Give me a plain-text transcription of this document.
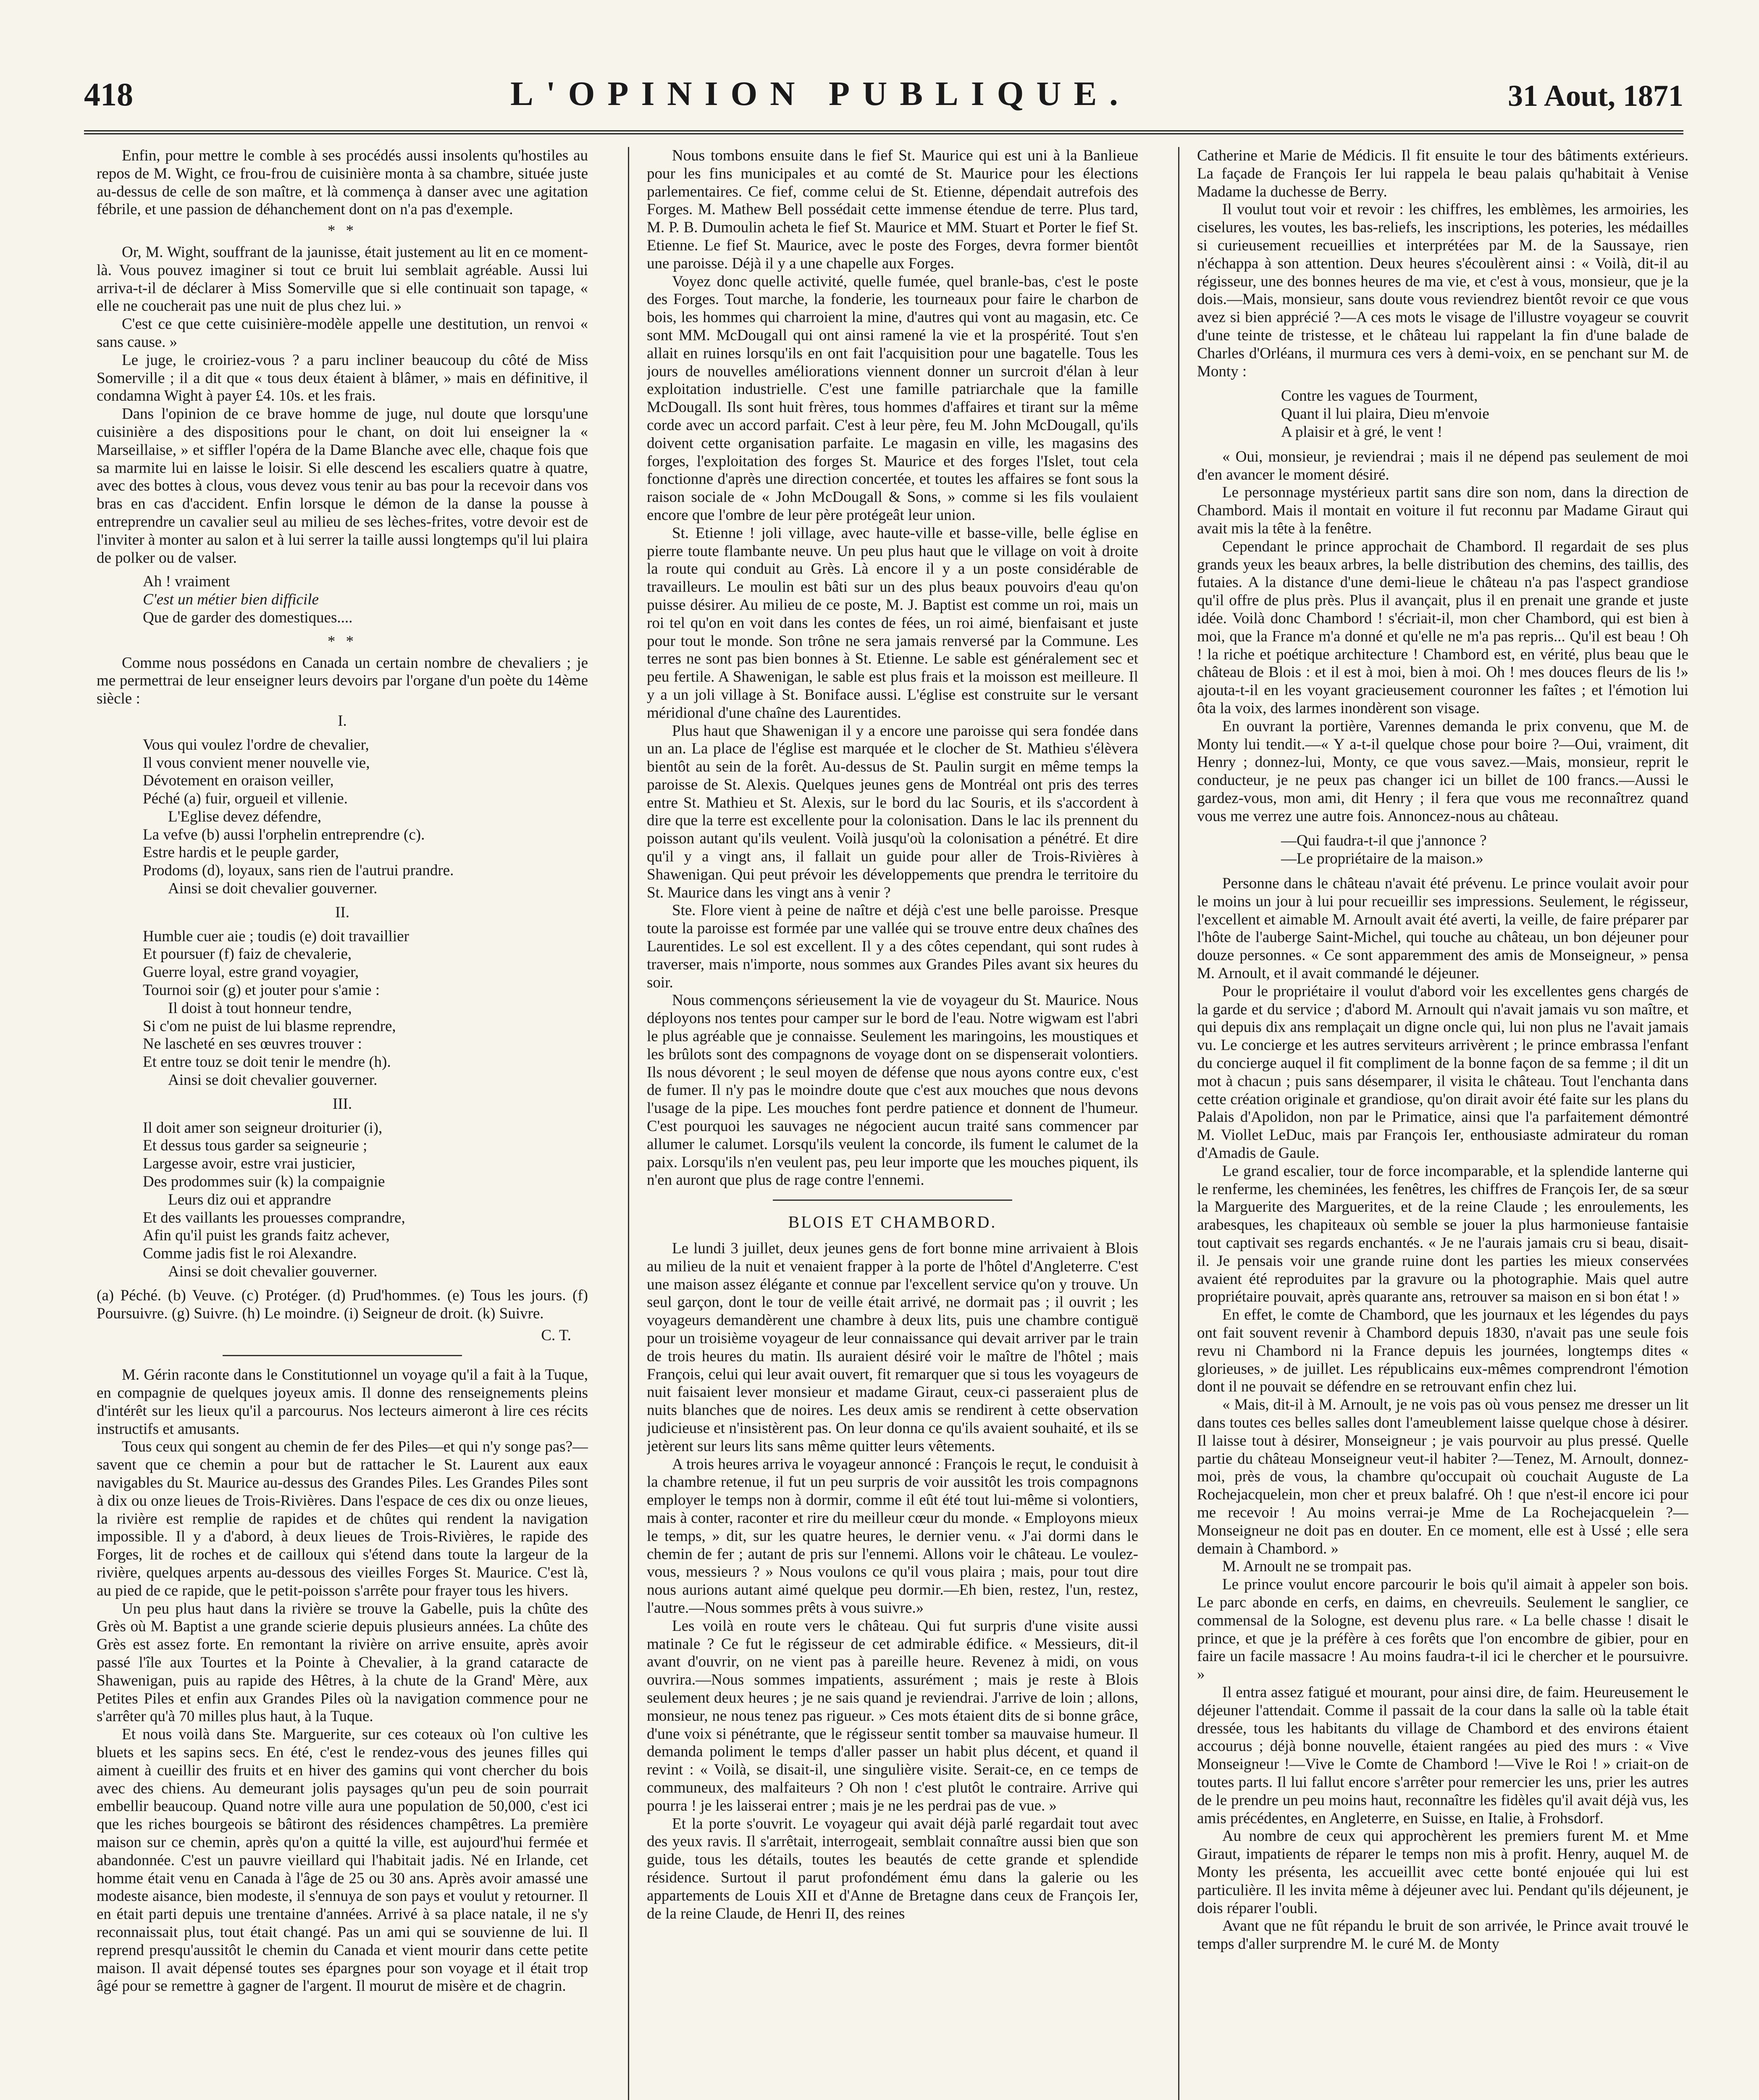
418	L'OPINION PUBLIQUE.	31 Aout, 1871

Enfin, pour mettre le comble à ses procédés aussi insolents qu'hostiles au repos de M. Wight, ce frou-frou de cuisinière monta à sa chambre, située juste au-dessus de celle de son maître, et là commença à danser avec une agitation fébrile, et une passion de déhanchement dont on n'a pas d'exemple.

* *

Or, M. Wight, souffrant de la jaunisse, était justement au lit en ce moment-là. Vous pouvez imaginer si tout ce bruit lui semblait agréable. Aussi lui arriva-t-il de déclarer à Miss Somerville que si elle continuait son tapage, « elle ne coucherait pas une nuit de plus chez lui. »

C'est ce que cette cuisinière-modèle appelle une destitution, un renvoi « sans cause. »

Le juge, le croiriez-vous ? a paru incliner beaucoup du côté de Miss Somerville ; il a dit que « tous deux étaient à blâmer, » mais en définitive, il condamna Wight à payer £4. 10s. et les frais.

Dans l'opinion de ce brave homme de juge, nul doute que lorsqu'une cuisinière a des dispositions pour le chant, on doit lui enseigner la « Marseillaise, » et siffler l'opéra de la Dame Blanche avec elle, chaque fois que sa marmite lui en laisse le loisir. Si elle descend les escaliers quatre à quatre, avec des bottes à clous, vous devez vous tenir au bas pour la recevoir dans vos bras en cas d'accident. Enfin lorsque le démon de la danse la pousse à entreprendre un cavalier seul au milieu de ses lèches-frites, votre devoir est de l'inviter à monter au salon et à lui serrer la taille aussi longtemps qu'il lui plaira de polker ou de valser.

Ah ! vraiment
C'est un métier bien difficile
Que de garder des domestiques....
* *

Comme nous possédons en Canada un certain nombre de chevaliers ; je me permettrai de leur enseigner leurs devoirs par l'organe d'un poète du 14ème siècle :

I.
Vous qui voulez l'ordre de chevalier,
Il vous convient mener nouvelle vie,
Dévotement en oraison veiller,
Péché (a) fuir, orgueil et villenie.
L'Eglise devez défendre,
La vefve (b) aussi l'orphelin entreprendre (c).
Estre hardis et le peuple garder,
Prodoms (d), loyaux, sans rien de l'autrui prandre.
Ainsi se doit chevalier gouverner.
II.
Humble cuer aie ; toudis (e) doit travaillier
Et poursuer (f) faiz de chevalerie,
Guerre loyal, estre grand voyagier,
Tournoi soir (g) et jouter pour s'amie :
Il doist à tout honneur tendre,
Si c'om ne puist de lui blasme reprendre,
Ne lascheté en ses œuvres trouver :
Et entre touz se doit tenir le mendre (h).
Ainsi se doit chevalier gouverner.
III.
Il doit amer son seigneur droiturier (i),
Et dessus tous garder sa seigneurie ;
Largesse avoir, estre vrai justicier,
Des prodommes suir (k) la compaignie
Leurs diz oui et apprandre
Et des vaillants les prouesses comprandre,
Afin qu'il puist les grands faitz achever,
Comme jadis fist le roi Alexandre.
Ainsi se doit chevalier gouverner.

(a) Péché. (b) Veuve. (c) Protéger. (d) Prud'hommes. (e) Tous les jours. (f) Poursuivre. (g) Suivre. (h) Le moindre. (i) Seigneur de droit. (k) Suivre.

C. T.

M. Gérin raconte dans le Constitutionnel un voyage qu'il a fait à la Tuque, en compagnie de quelques joyeux amis. Il donne des renseignements pleins d'intérêt sur les lieux qu'il a parcourus. Nos lecteurs aimeront à lire ces récits instructifs et amusants.

Tous ceux qui songent au chemin de fer des Piles—et qui n'y songe pas?—savent que ce chemin a pour but de rattacher le St. Laurent aux eaux navigables du St. Maurice au-dessus des Grandes Piles. Les Grandes Piles sont à dix ou onze lieues de Trois-Rivières. Dans l'espace de ces dix ou onze lieues, la rivière est remplie de rapides et de chûtes qui rendent la navigation impossible. Il y a d'abord, à deux lieues de Trois-Rivières, le rapide des Forges, lit de roches et de cailloux qui s'étend dans toute la largeur de la rivière, quelques arpents au-dessous des vieilles Forges St. Maurice. C'est là, au pied de ce rapide, que le petit-poisson s'arrête pour frayer tous les hivers.

Un peu plus haut dans la rivière se trouve la Gabelle, puis la chûte des Grès où M. Baptist a une grande scierie depuis plusieurs années. La chûte des Grès est assez forte. En remontant la rivière on arrive ensuite, après avoir passé l'île aux Tourtes et la Pointe à Chevalier, à la grand cataracte de Shawenigan, puis au rapide des Hêtres, à la chute de la Grand' Mère, aux Petites Piles et enfin aux Grandes Piles où la navigation commence pour ne s'arrêter qu'à 70 milles plus haut, à la Tuque.

Et nous voilà dans Ste. Marguerite, sur ces coteaux où l'on cultive les bluets et les sapins secs. En été, c'est le rendez-vous des jeunes filles qui aiment à cueillir des fruits et en hiver des gamins qui vont chercher du bois avec des chiens. Au demeurant jolis paysages qu'un peu de soin pourrait embellir beaucoup. Quand notre ville aura une population de 50,000, c'est ici que les riches bourgeois se bâtiront des résidences champêtres. La première maison sur ce chemin, après qu'on a quitté la ville, est aujourd'hui fermée et abandonnée. C'est un pauvre vieillard qui l'habitait jadis. Né en Irlande, cet homme était venu en Canada à l'âge de 25 ou 30 ans. Après avoir amassé une modeste aisance, bien modeste, il s'ennuya de son pays et voulut y retourner. Il en était parti depuis une trentaine d'années. Arrivé à sa place natale, il ne s'y reconnaissait plus, tout était changé. Pas un ami qui se souvienne de lui. Il reprend presqu'aussitôt le chemin du Canada et vient mourir dans cette petite maison. Il avait dépensé toutes ses épargnes pour son voyage et il était trop âgé pour se remettre à gagner de l'argent. Il mourut de misère et de chagrin.

Nous tombons ensuite dans le fief St. Maurice qui est uni à la Banlieue pour les fins municipales et au comté de St. Maurice pour les élections parlementaires. Ce fief, comme celui de St. Etienne, dépendait autrefois des Forges. M. Mathew Bell possédait cette immense étendue de terre. Plus tard, M. P. B. Dumoulin acheta le fief St. Maurice et MM. Stuart et Porter le fief St. Etienne. Le fief St. Maurice, avec le poste des Forges, devra former bientôt une paroisse. Déjà il y a une chapelle aux Forges.

Voyez donc quelle activité, quelle fumée, quel branle-bas, c'est le poste des Forges. Tout marche, la fonderie, les tourneaux pour faire le charbon de bois, les hommes qui charroient la mine, d'autres qui vont au magasin, etc. Ce sont MM. McDougall qui ont ainsi ramené la vie et la prospérité. Tout s'en allait en ruines lorsqu'ils en ont fait l'acquisition pour une bagatelle. Tous les jours de nouvelles améliorations viennent donner un surcroit d'élan à leur exploitation industrielle. C'est une famille patriarchale que la famille McDougall. Ils sont huit frères, tous hommes d'affaires et tirant sur la même corde avec un accord parfait. C'est à leur père, feu M. John McDougall, qu'ils doivent cette organisation parfaite. Le magasin en ville, les magasins des forges, l'exploitation des forges St. Maurice et des forges l'Islet, tout cela fonctionne d'après une direction concertée, et toutes les affaires se font sous la raison sociale de « John McDougall & Sons, » comme si les fils voulaient encore que l'ombre de leur père protégeât leur union.

St. Etienne ! joli village, avec haute-ville et basse-ville, belle église en pierre toute flambante neuve. Un peu plus haut que le village on voit à droite la route qui conduit au Grès. Là encore il y a un poste considérable de travailleurs. Le moulin est bâti sur un des plus beaux pouvoirs d'eau qu'on puisse désirer. Au milieu de ce poste, M. J. Baptist est comme un roi, mais un roi tel qu'on en voit dans les contes de fées, un roi aimé, bienfaisant et juste pour tout le monde. Son trône ne sera jamais renversé par la Commune. Les terres ne sont pas bien bonnes à St. Etienne. Le sable est généralement sec et peu fertile. A Shawenigan, le sable est plus frais et la moisson est meilleure. Il y a un joli village à St. Boniface aussi. L'église est construite sur le versant méridional d'une chaîne des Laurentides.

Plus haut que Shawenigan il y a encore une paroisse qui sera fondée dans un an. La place de l'église est marquée et le clocher de St. Mathieu s'élèvera bientôt au sein de la forêt. Au-dessus de St. Paulin surgit en même temps la paroisse de St. Alexis. Quelques jeunes gens de Montréal ont pris des terres entre St. Mathieu et St. Alexis, sur le bord du lac Souris, et ils s'accordent à dire que la terre est excellente pour la colonisation. Dans le lac ils prennent du poisson autant qu'ils veulent. Voilà jusqu'où la colonisation a pénétré. Et dire qu'il y a vingt ans, il fallait un guide pour aller de Trois-Rivières à Shawenigan. Qui peut prévoir les développements que prendra le territoire du St. Maurice dans les vingt ans à venir ?

Ste. Flore vient à peine de naître et déjà c'est une belle paroisse. Presque toute la paroisse est formée par une vallée qui se trouve entre deux chaînes des Laurentides. Le sol est excellent. Il y a des côtes cependant, qui sont rudes à traverser, mais n'importe, nous sommes aux Grandes Piles avant six heures du soir.

Nous commençons sérieusement la vie de voyageur du St. Maurice. Nous déployons nos tentes pour camper sur le bord de l'eau. Notre wigwam est l'abri le plus agréable que je connaisse. Seulement les maringoins, les moustiques et les brûlots sont des compagnons de voyage dont on se dispenserait volontiers. Ils nous dévorent ; le seul moyen de défense que nous ayons contre eux, c'est de fumer. Il n'y pas le moindre doute que c'est aux mouches que nous devons l'usage de la pipe. Les mouches font perdre patience et donnent de l'humeur. C'est pourquoi les sauvages ne négocient aucun traité sans commencer par allumer le calumet. Lorsqu'ils veulent la concorde, ils fument le calumet de la paix. Lorsqu'ils n'en veulent pas, peu leur importe que les mouches piquent, ils n'en auront que plus de rage contre l'ennemi.

BLOIS ET CHAMBORD.

Le lundi 3 juillet, deux jeunes gens de fort bonne mine arrivaient à Blois au milieu de la nuit et venaient frapper à la porte de l'hôtel d'Angleterre. C'est une maison assez élégante et connue par l'excellent service qu'on y trouve. Un seul garçon, dont le tour de veille était arrivé, ne dormait pas ; il ouvrit ; les voyageurs demandèrent une chambre à deux lits, puis une chambre contiguë pour un troisième voyageur de leur connaissance qui devait arriver par le train de trois heures du matin. Ils auraient désiré voir le maître de l'hôtel ; mais François, celui qui leur avait ouvert, fit remarquer que si tous les voyageurs de nuit faisaient lever monsieur et madame Giraut, ceux-ci passeraient plus de nuits blanches que de noires. Les deux amis se rendirent à cette observation judicieuse et n'insistèrent pas. On leur donna ce qu'ils avaient souhaité, et ils se jetèrent sur leurs lits sans même quitter leurs vêtements.

A trois heures arriva le voyageur annoncé : François le reçut, le conduisit à la chambre retenue, il fut un peu surpris de voir aussitôt les trois compagnons employer le temps non à dormir, comme il eût été tout lui-même si volontiers, mais à conter, raconter et rire du meilleur cœur du monde. « Employons mieux le temps, » dit, sur les quatre heures, le dernier venu. « J'ai dormi dans le chemin de fer ; autant de pris sur l'ennemi. Allons voir le château. Le voulez-vous, messieurs ? » Nous voulons ce qu'il vous plaira ; mais, pour tout dire nous aurions autant aimé quelque peu dormir.—Eh bien, restez, l'un, restez, l'autre.—Nous sommes prêts à vous suivre.»

Les voilà en route vers le château. Qui fut surpris d'une visite aussi matinale ? Ce fut le régisseur de cet admirable édifice. « Messieurs, dit-il avant d'ouvrir, on ne vient pas à pareille heure. Revenez à midi, on vous ouvrira.—Nous sommes impatients, assurément ; mais je reste à Blois seulement deux heures ; je ne sais quand je reviendrai. J'arrive de loin ; allons, monsieur, ne nous tenez pas rigueur. » Ces mots étaient dits de si bonne grâce, d'une voix si pénétrante, que le régisseur sentit tomber sa mauvaise humeur. Il demanda poliment le temps d'aller passer un habit plus décent, et quand il revint : « Voilà, se disait-il, une singulière visite. Serait-ce, en ce temps de communeux, des malfaiteurs ? Oh non ! c'est plutôt le contraire. Arrive qui pourra ! je les laisserai entrer ; mais je ne les perdrai pas de vue. »

Et la porte s'ouvrit. Le voyageur qui avait déjà parlé regardait tout avec des yeux ravis. Il s'arrêtait, interrogeait, semblait connaître aussi bien que son guide, tous les détails, toutes les beautés de cette grande et splendide résidence. Surtout il parut profondément ému dans la galerie ou les appartements de Louis XII et d'Anne de Bretagne dans ceux de François Ier, de la reine Claude, de Henri II, des reines

Catherine et Marie de Médicis. Il fit ensuite le tour des bâtiments extérieurs. La façade de François Ier lui rappela le beau palais qu'habitait à Venise Madame la duchesse de Berry.

Il voulut tout voir et revoir : les chiffres, les emblèmes, les armoiries, les ciselures, les voutes, les bas-reliefs, les inscriptions, les poteries, les médailles si curieusement recueillies et interprétées par M. de la Saussaye, rien n'échappa à son attention. Deux heures s'écoulèrent ainsi : « Voilà, dit-il au régisseur, une des bonnes heures de ma vie, et c'est à vous, monsieur, que je la dois.—Mais, monsieur, sans doute vous reviendrez bientôt revoir ce que vous avez si bien apprécié ?—A ces mots le visage de l'illustre voyageur se couvrit d'une teinte de tristesse, et le château lui rappelant la fin d'une balade de Charles d'Orléans, il murmura ces vers à demi-voix, en se penchant sur M. de Monty :

Contre les vagues de Tourment,
Quant il lui plaira, Dieu m'envoie
A plaisir et à gré, le vent !

« Oui, monsieur, je reviendrai ; mais il ne dépend pas seulement de moi d'en avancer le moment désiré.

Le personnage mystérieux partit sans dire son nom, dans la direction de Chambord. Mais il montait en voiture il fut reconnu par Madame Giraut qui avait mis la tête à la fenêtre.

Cependant le prince approchait de Chambord. Il regardait de ses plus grands yeux les beaux arbres, la belle distribution des chemins, des taillis, des futaies. A la distance d'une demi-lieue le château n'a pas l'aspect grandiose qu'il offre de plus près. Plus il avançait, plus il en prenait une grande et juste idée. Voilà donc Chambord ! s'écriait-il, mon cher Chambord, qui est bien à moi, que la France m'a donné et qu'elle ne m'a pas repris... Qu'il est beau ! Oh ! la riche et poétique architecture ! Chambord est, en vérité, plus beau que le château de Blois : et il est à moi, bien à moi. Oh ! mes douces fleurs de lis !» ajouta-t-il en les voyant gracieusement couronner les faîtes ; et l'émotion lui ôta la voix, des larmes inondèrent son visage.

En ouvrant la portière, Varennes demanda le prix convenu, que M. de Monty lui tendit.—« Y a-t-il quelque chose pour boire ?—Oui, vraiment, dit Henry ; donnez-lui, Monty, ce que vous savez.—Mais, monsieur, reprit le conducteur, je ne peux pas changer ici un billet de 100 francs.—Aussi le gardez-vous, mon ami, dit Henry ; il fera que vous me reconnaîtrez quand vous me verrez une autre fois. Annoncez-nous au château.

—Qui faudra-t-il que j'annonce ?
—Le propriétaire de la maison.»

Personne dans le château n'avait été prévenu. Le prince voulait avoir pour le moins un jour à lui pour recueillir ses impressions. Seulement, le régisseur, l'excellent et aimable M. Arnoult avait été averti, la veille, de faire préparer par l'hôte de l'auberge Saint-Michel, qui touche au château, un bon déjeuner pour douze personnes. « Ce sont apparemment des amis de Monseigneur, » pensa M. Arnoult, et il avait commandé le déjeuner.

Pour le propriétaire il voulut d'abord voir les excellentes gens chargés de la garde et du service ; d'abord M. Arnoult qui n'avait jamais vu son maître, et qui depuis dix ans remplaçait un digne oncle qui, lui non plus ne l'avait jamais vu. Le concierge et les autres serviteurs arrivèrent ; le prince embrassa l'enfant du concierge auquel il fit compliment de la bonne façon de sa femme ; il dit un mot à chacun ; puis sans désemparer, il visita le château. Tout l'enchanta dans cette création originale et grandiose, qu'on dirait avoir été faite sur les plans du Palais d'Apolidon, non par le Primatice, ainsi que l'a parfaitement démontré M. Viollet LeDuc, mais par François Ier, enthousiaste admirateur du roman d'Amadis de Gaule.

Le grand escalier, tour de force incomparable, et la splendide lanterne qui le renferme, les cheminées, les fenêtres, les chiffres de François Ier, de sa sœur la Marguerite des Marguerites, et de la reine Claude ; les enroulements, les arabesques, les chapiteaux où semble se jouer la plus harmonieuse fantaisie tout captivait ses regards enchantés. « Je ne l'aurais jamais cru si beau, disait-il. Je pensais voir une grande ruine dont les parties les mieux conservées avaient été reproduites par la gravure ou la photographie. Mais quel autre propriétaire pouvait, après quarante ans, retrouver sa maison en si bon état ! »

En effet, le comte de Chambord, que les journaux et les légendes du pays ont fait souvent revenir à Chambord depuis 1830, n'avait pas une seule fois revu ni Chambord ni la France depuis les journées, longtemps dites « glorieuses, » de juillet. Les républicains eux-mêmes comprendront l'émotion dont il ne pouvait se défendre en se retrouvant enfin chez lui.

« Mais, dit-il à M. Arnoult, je ne vois pas où vous pensez me dresser un lit dans toutes ces belles salles dont l'ameublement laisse quelque chose à désirer. Il laisse tout à désirer, Monseigneur ; je vais pourvoir au plus pressé. Quelle partie du château Monseigneur veut-il habiter ?—Tenez, M. Arnoult, donnez-moi, près de vous, la chambre qu'occupait où couchait Auguste de La Rochejacquelein, mon cher et preux balafré. Oh ! que n'est-il encore ici pour me recevoir ! Au moins verrai-je Mme de La Rochejacquelein ?—Monseigneur ne doit pas en douter. En ce moment, elle est à Ussé ; elle sera demain à Chambord. »

M. Arnoult ne se trompait pas.

Le prince voulut encore parcourir le bois qu'il aimait à appeler son bois. Le parc abonde en cerfs, en daims, en chevreuils. Seulement le sanglier, ce commensal de la Sologne, est devenu plus rare. « La belle chasse ! disait le prince, et que je la préfère à ces forêts que l'on encombre de gibier, pour en faire un facile massacre ! Au moins faudra-t-il ici le chercher et le poursuivre. »

Il entra assez fatigué et mourant, pour ainsi dire, de faim. Heureusement le déjeuner l'attendait. Comme il passait de la cour dans la salle où la table était dressée, tous les habitants du village de Chambord et des environs étaient accourus ; déjà bonne nouvelle, étaient rangées au pied des murs : « Vive Monseigneur !—Vive le Comte de Chambord !—Vive le Roi ! » criait-on de toutes parts. Il lui fallut encore s'arrêter pour remercier les uns, prier les autres de le prendre un peu moins haut, reconnaître les fidèles qu'il avait déjà vus, les amis précédentes, en Angleterre, en Suisse, en Italie, à Frohsdorf.

Au nombre de ceux qui approchèrent les premiers furent M. et Mme Giraut, impatients de réparer le temps non mis à profit. Henry, auquel M. de Monty les présenta, les accueillit avec cette bonté enjouée qui lui est particulière. Il les invita même à déjeuner avec lui. Pendant qu'ils déjeunent, je dois réparer l'oubli.

Avant que ne fût répandu le bruit de son arrivée, le Prince avait trouvé le temps d'aller surprendre M. le curé M. de Monty
